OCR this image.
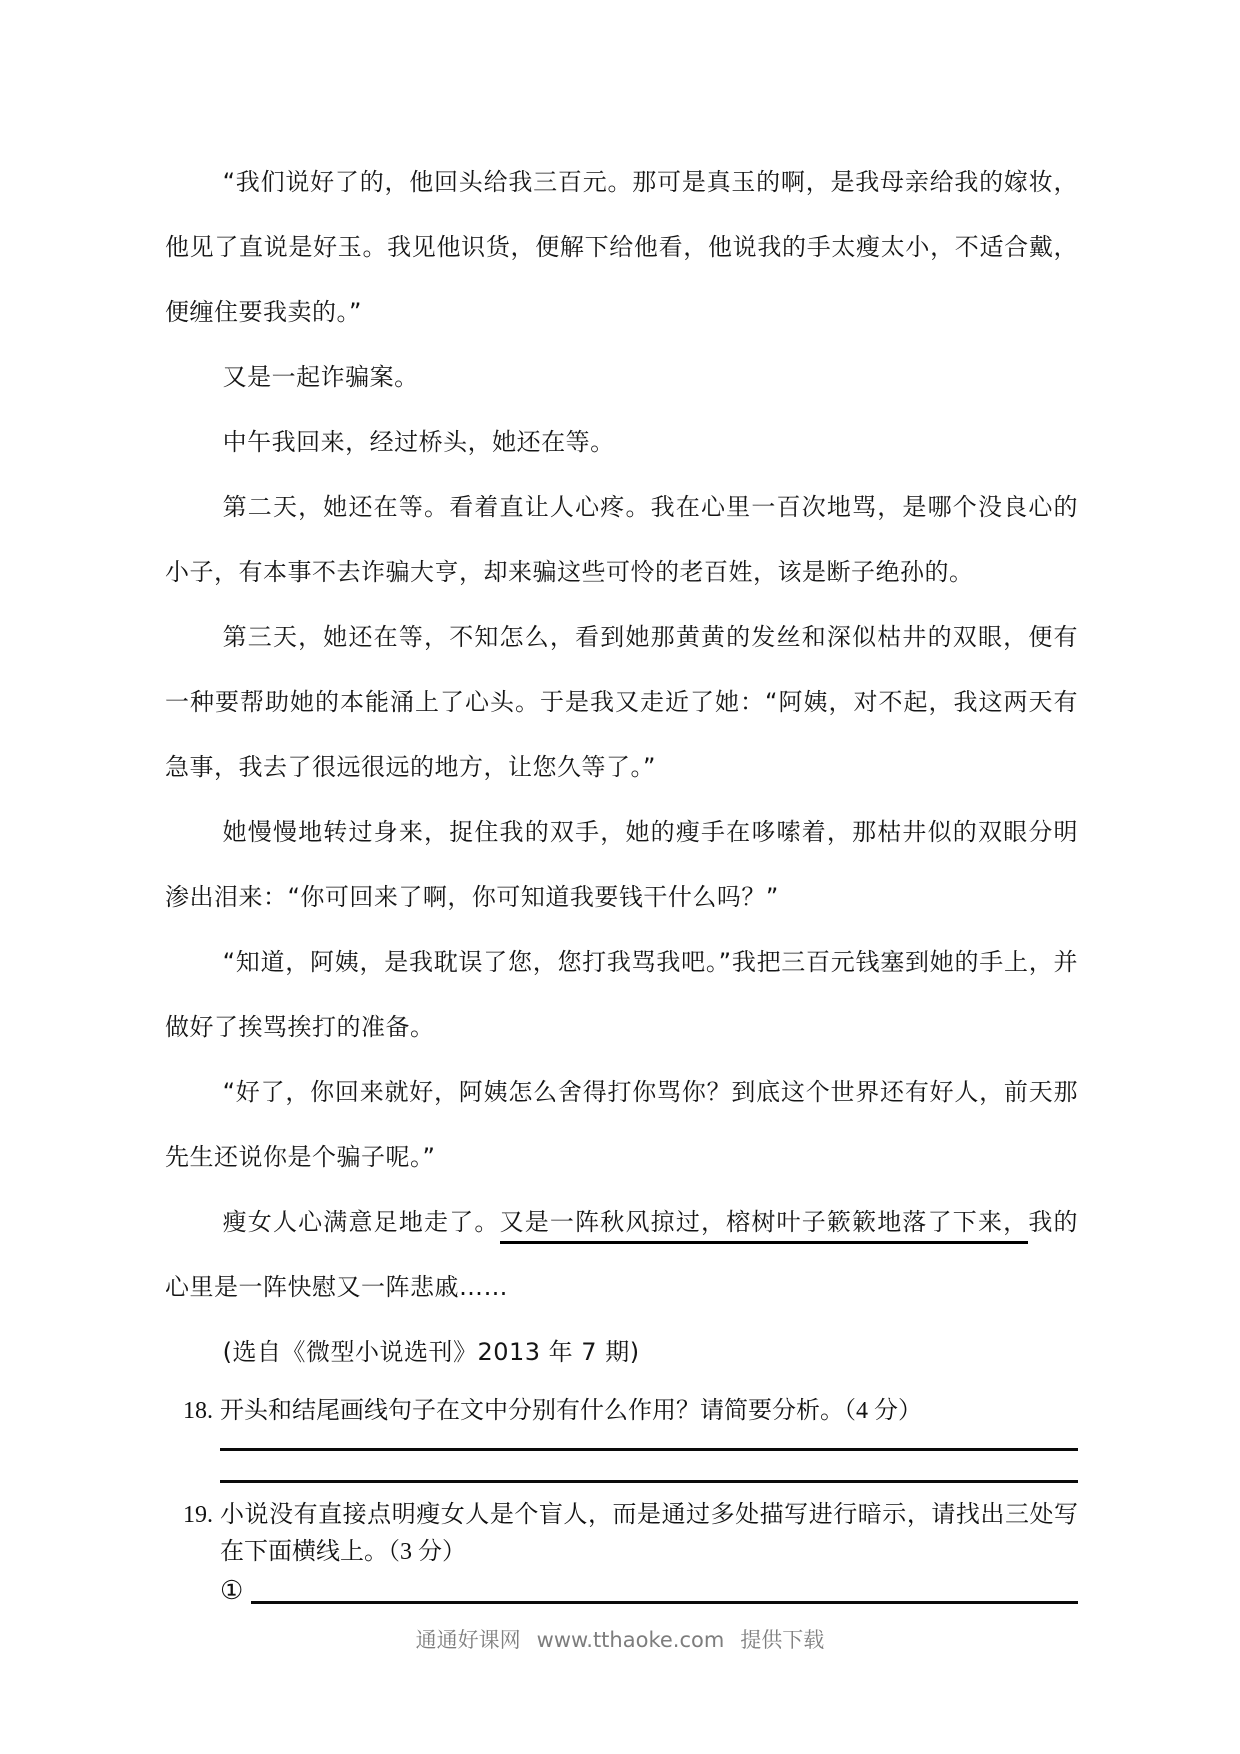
“我们说好了的，他回头给我三百元。那可是真玉的啊，是我母亲给我的嫁妆，他见了直说是好玉。我见他识货，便解下给他看，他说我的手太瘦太小，不适合戴，便缠住要我卖的。”

又是一起诈骗案。

中午我回来，经过桥头，她还在等。

第二天，她还在等。看着直让人心疼。我在心里一百次地骂，是哪个没良心的小子，有本事不去诈骗大亨，却来骗这些可怜的老百姓，该是断子绝孙的。

第三天，她还在等，不知怎么，看到她那黄黄的发丝和深似枯井的双眼，便有一种要帮助她的本能涌上了心头。于是我又走近了她：“阿姨，对不起，我这两天有急事，我去了很远很远的地方，让您久等了。”

她慢慢地转过身来，捉住我的双手，她的瘦手在哆嗦着，那枯井似的双眼分明渗出泪来：“你可回来了啊，你可知道我要钱干什么吗？”

“知道，阿姨，是我耽误了您，您打我骂我吧。”我把三百元钱塞到她的手上，并做好了挨骂挨打的准备。

“好了，你回来就好，阿姨怎么舍得打你骂你？到底这个世界还有好人，前天那先生还说你是个骗子呢。”

瘦女人心满意足地走了。又是一阵秋风掠过，榕树叶子簌簌地落了下来，我的心里是一阵快慰又一阵悲戚……

(选自《微型小说选刊》2013 年 7 期)

18. 开头和结尾画线句子在文中分别有什么作用？请简要分析。（4 分）
19. 小说没有直接点明瘦女人是个盲人，而是通过多处描写进行暗示，请找出三处写在下面横线上。（3 分）
①
通通好课网 www.tthaoke.com 提供下载
